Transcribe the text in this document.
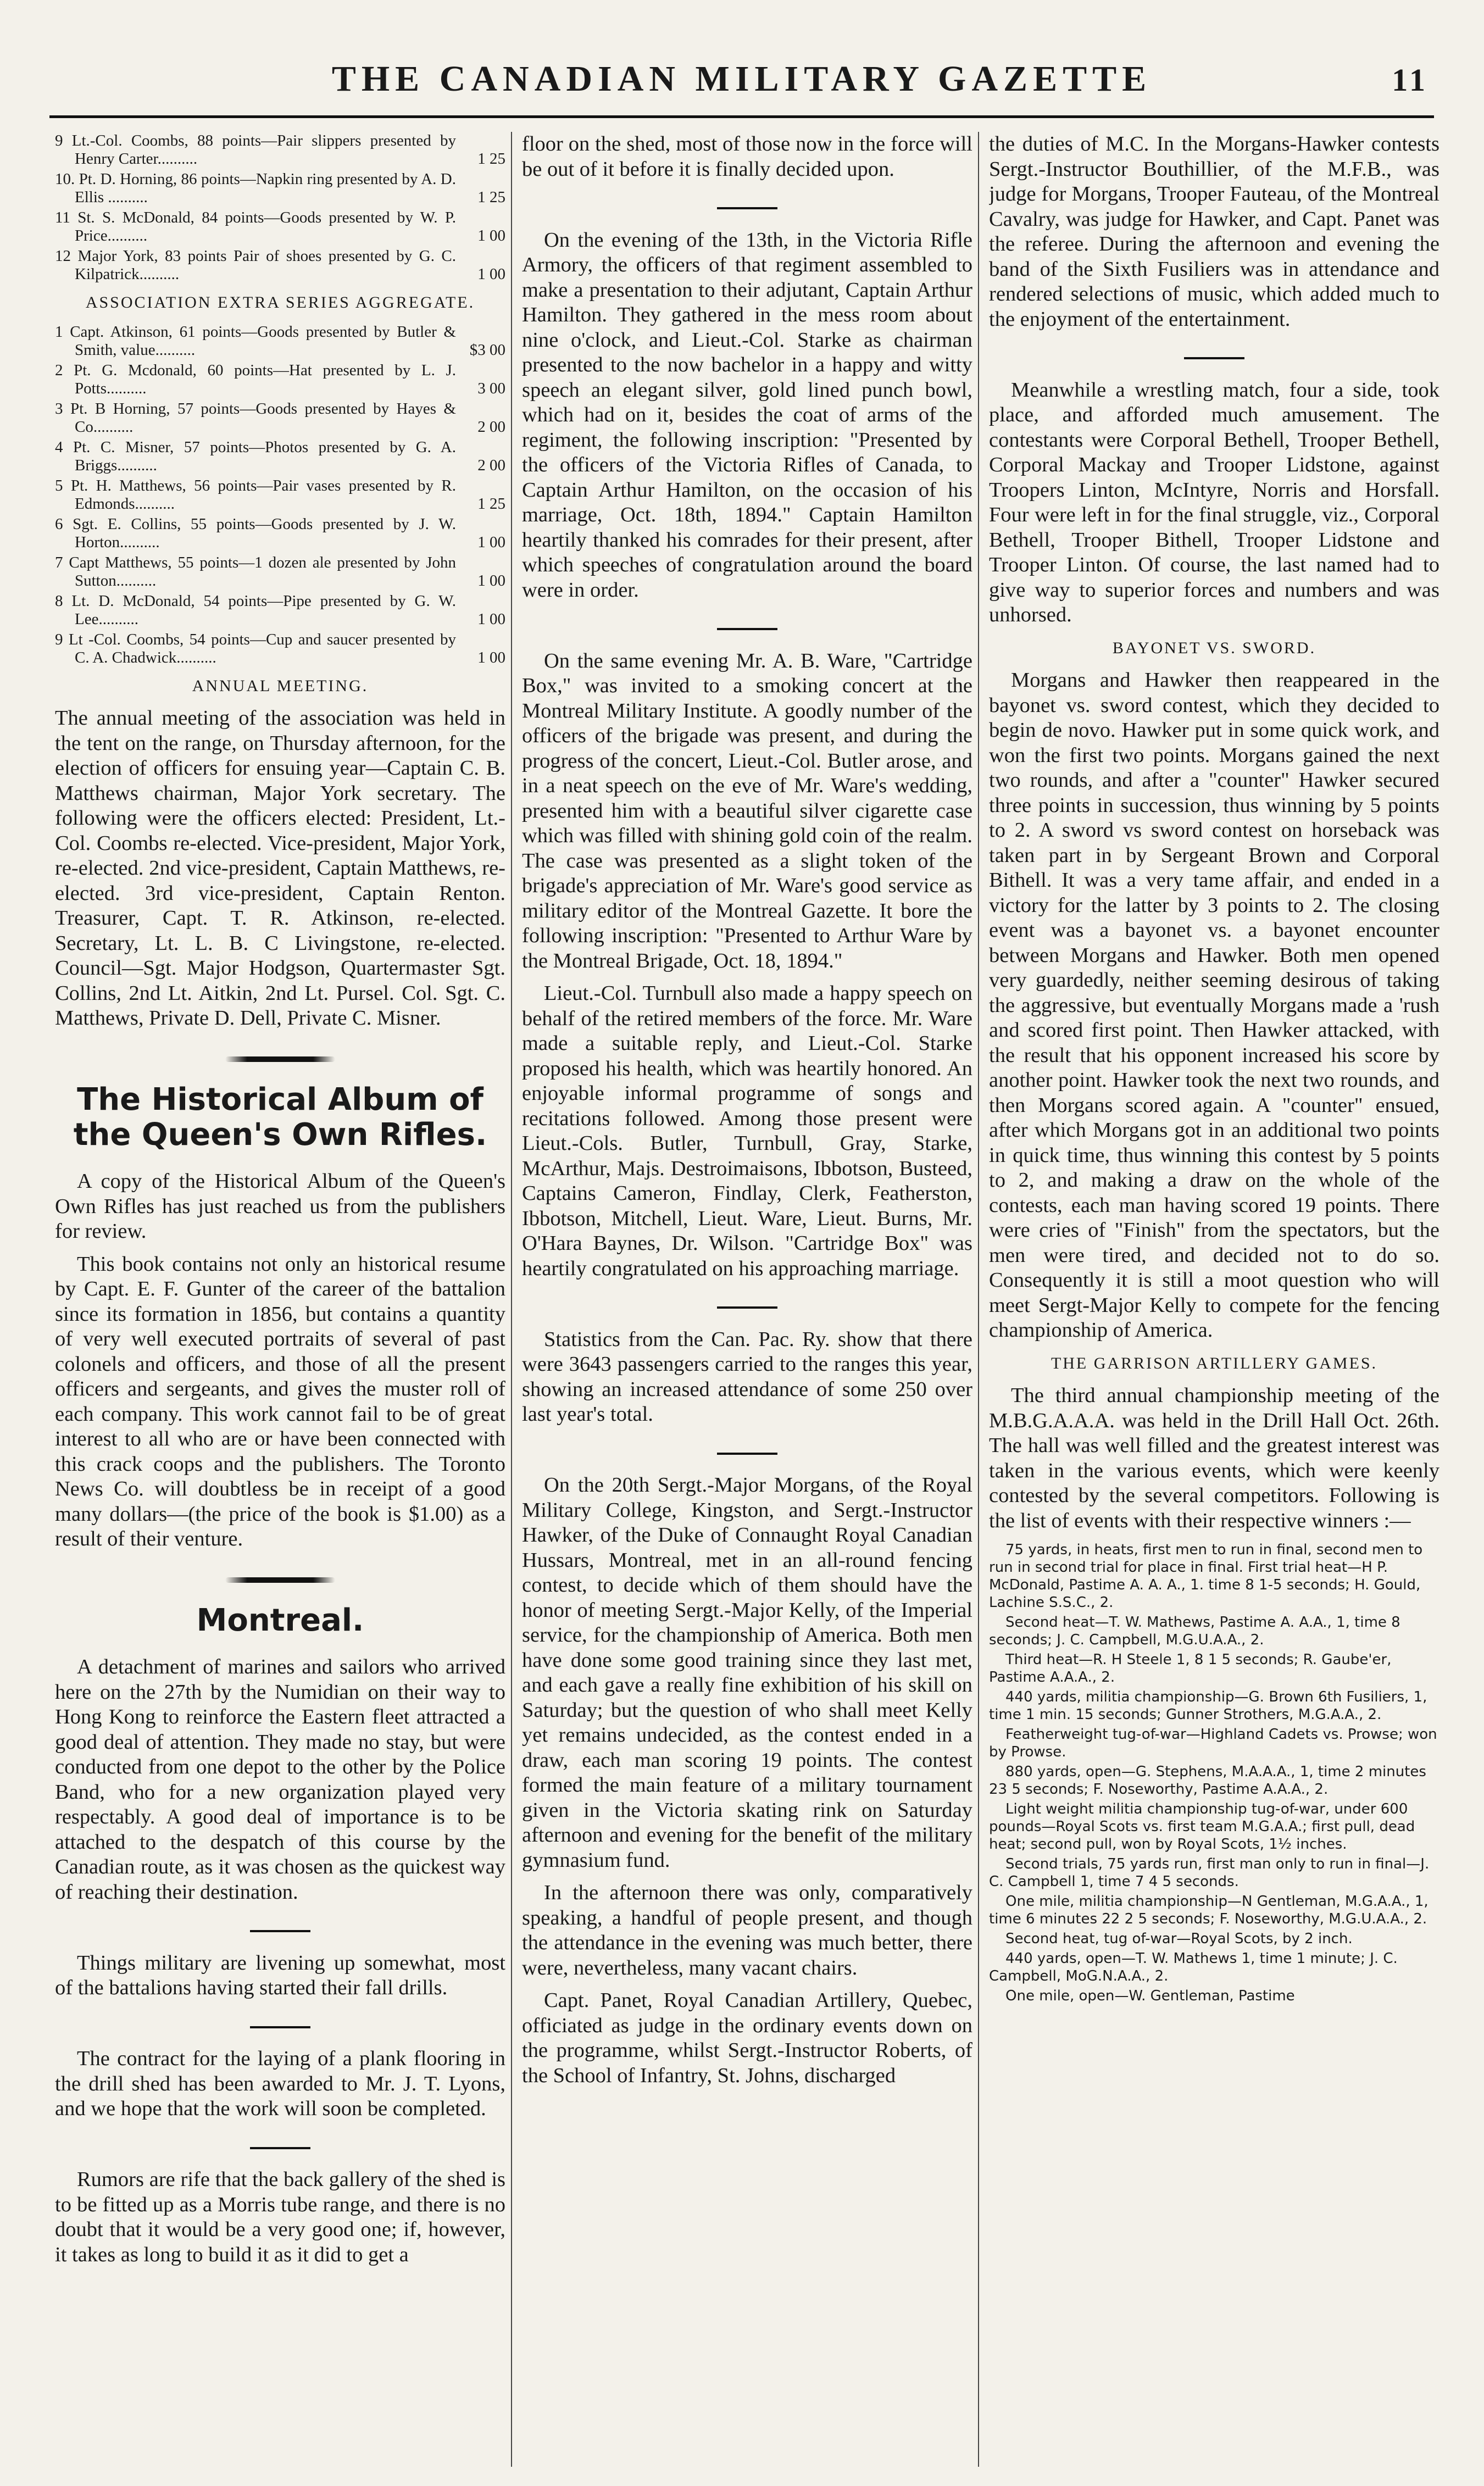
THE CANADIAN MILITARY GAZETTE	11
9 Lt.-Col. Coombs, 88 points—Pair slippers presented by Henry Carter..........	1 25
10. Pt. D. Horning, 86 points—Napkin ring presented by A. D. Ellis ..........	1 25
11 St. S. McDonald, 84 points—Goods presented by W. P. Price..........	1 00
12 Major York, 83 points Pair of shoes presented by G. C. Kilpatrick..........	1 00
ASSOCIATION EXTRA SERIES AGGREGATE.
1 Capt. Atkinson, 61 points—Goods presented by Butler & Smith, value..........	$3 00
2 Pt. G. Mcdonald, 60 points—Hat presented by L. J. Potts..........	3 00
3 Pt. B Horning, 57 points—Goods presented by Hayes & Co..........	2 00
4 Pt. C. Misner, 57 points—Photos presented by G. A. Briggs..........	2 00
5 Pt. H. Matthews, 56 points—Pair vases presented by R. Edmonds..........	1 25
6 Sgt. E. Collins, 55 points—Goods presented by J. W. Horton..........	1 00
7 Capt Matthews, 55 points—1 dozen ale presented by John Sutton..........	1 00
8 Lt. D. McDonald, 54 points—Pipe presented by G. W. Lee..........	1 00
9 Lt -Col. Coombs, 54 points—Cup and saucer presented by C. A. Chadwick..........	1 00
ANNUAL MEETING.

The annual meeting of the association was held in the tent on the range, on Thursday afternoon, for the election of officers for ensuing year—Captain C. B. Matthews chairman, Major York secretary. The following were the officers elected: President, Lt.-Col. Coombs re-elected. Vice-president, Major York, re-elected. 2nd vice-president, Captain Matthews, re-elected. 3rd vice-president, Captain Renton. Treasurer, Capt. T. R. Atkinson, re-elected. Secretary, Lt. L. B. C Livingstone, re-elected. Council—Sgt. Major Hodgson, Quartermaster Sgt. Collins, 2nd Lt. Aitkin, 2nd Lt. Pursel. Col. Sgt. C. Matthews, Private D. Dell, Private C. Misner.

The Historical Album of the Queen's Own Rifles.

A copy of the Historical Album of the Queen's Own Rifles has just reached us from the publishers for review.

This book contains not only an historical resume by Capt. E. F. Gunter of the career of the battalion since its formation in 1856, but contains a quantity of very well executed portraits of several of past colonels and officers, and those of all the present officers and sergeants, and gives the muster roll of each company. This work cannot fail to be of great interest to all who are or have been connected with this crack coops and the publishers. The Toronto News Co. will doubtless be in receipt of a good many dollars—(the price of the book is $1.00) as a result of their venture.

Montreal.

A detachment of marines and sailors who arrived here on the 27th by the Numidian on their way to Hong Kong to reinforce the Eastern fleet attracted a good deal of attention. They made no stay, but were conducted from one depot to the other by the Police Band, who for a new organization played very respectably. A good deal of importance is to be attached to the despatch of this course by the Canadian route, as it was chosen as the quickest way of reaching their destination.

Things military are livening up somewhat, most of the battalions having started their fall drills.

The contract for the laying of a plank flooring in the drill shed has been awarded to Mr. J. T. Lyons, and we hope that the work will soon be completed.

Rumors are rife that the back gallery of the shed is to be fitted up as a Morris tube range, and there is no doubt that it would be a very good one; if, however, it takes as long to build it as it did to get a

floor on the shed, most of those now in the force will be out of it before it is finally decided upon.

On the evening of the 13th, in the Victoria Rifle Armory, the officers of that regiment assembled to make a presentation to their adjutant, Captain Arthur Hamilton. They gathered in the mess room about nine o'clock, and Lieut.-Col. Starke as chairman presented to the now bachelor in a happy and witty speech an elegant silver, gold lined punch bowl, which had on it, besides the coat of arms of the regiment, the following inscription: "Presented by the officers of the Victoria Rifles of Canada, to Captain Arthur Hamilton, on the occasion of his marriage, Oct. 18th, 1894." Captain Hamilton heartily thanked his comrades for their present, after which speeches of congratulation around the board were in order.

On the same evening Mr. A. B. Ware, "Cartridge Box," was invited to a smoking concert at the Montreal Military Institute. A goodly number of the officers of the brigade was present, and during the progress of the concert, Lieut.-Col. Butler arose, and in a neat speech on the eve of Mr. Ware's wedding, presented him with a beautiful silver cigarette case which was filled with shining gold coin of the realm. The case was presented as a slight token of the brigade's appreciation of Mr. Ware's good service as military editor of the Montreal Gazette. It bore the following inscription: "Presented to Arthur Ware by the Montreal Brigade, Oct. 18, 1894."

Lieut.-Col. Turnbull also made a happy speech on behalf of the retired members of the force. Mr. Ware made a suitable reply, and Lieut.-Col. Starke proposed his health, which was heartily honored. An enjoyable informal programme of songs and recitations followed. Among those present were Lieut.-Cols. Butler, Turnbull, Gray, Starke, McArthur, Majs. Destroimaisons, Ibbotson, Busteed, Captains Cameron, Findlay, Clerk, Featherston, Ibbotson, Mitchell, Lieut. Ware, Lieut. Burns, Mr. O'Hara Baynes, Dr. Wilson. "Cartridge Box" was heartily congratulated on his approaching marriage.

Statistics from the Can. Pac. Ry. show that there were 3643 passengers carried to the ranges this year, showing an increased attendance of some 250 over last year's total.

On the 20th Sergt.-Major Morgans, of the Royal Military College, Kingston, and Sergt.-Instructor Hawker, of the Duke of Connaught Royal Canadian Hussars, Montreal, met in an all-round fencing contest, to decide which of them should have the honor of meeting Sergt.-Major Kelly, of the Imperial service, for the championship of America. Both men have done some good training since they last met, and each gave a really fine exhibition of his skill on Saturday; but the question of who shall meet Kelly yet remains undecided, as the contest ended in a draw, each man scoring 19 points. The contest formed the main feature of a military tournament given in the Victoria skating rink on Saturday afternoon and evening for the benefit of the military gymnasium fund.

In the afternoon there was only, comparatively speaking, a handful of people present, and though the attendance in the evening was much better, there were, nevertheless, many vacant chairs.

Capt. Panet, Royal Canadian Artillery, Quebec, officiated as judge in the ordinary events down on the programme, whilst Sergt.-Instructor Roberts, of the School of Infantry, St. Johns, discharged

the duties of M.C. In the Morgans-Hawker contests Sergt.-Instructor Bouthillier, of the M.F.B., was judge for Morgans, Trooper Fauteau, of the Montreal Cavalry, was judge for Hawker, and Capt. Panet was the referee. During the afternoon and evening the band of the Sixth Fusiliers was in attendance and rendered selections of music, which added much to the enjoyment of the entertainment.

Meanwhile a wrestling match, four a side, took place, and afforded much amusement. The contestants were Corporal Bethell, Trooper Bethell, Corporal Mackay and Trooper Lidstone, against Troopers Linton, McIntyre, Norris and Horsfall. Four were left in for the final struggle, viz., Corporal Bethell, Trooper Bithell, Trooper Lidstone and Trooper Linton. Of course, the last named had to give way to superior forces and numbers and was unhorsed.

BAYONET VS. SWORD.

Morgans and Hawker then reappeared in the bayonet vs. sword contest, which they decided to begin de novo. Hawker put in some quick work, and won the first two points. Morgans gained the next two rounds, and after a "counter" Hawker secured three points in succession, thus winning by 5 points to 2. A sword vs sword contest on horseback was taken part in by Sergeant Brown and Corporal Bithell. It was a very tame affair, and ended in a victory for the latter by 3 points to 2. The closing event was a bayonet vs. a bayonet encounter between Morgans and Hawker. Both men opened very guardedly, neither seeming desirous of taking the aggressive, but eventually Morgans made a 'rush and scored first point. Then Hawker attacked, with the result that his opponent increased his score by another point. Hawker took the next two rounds, and then Morgans scored again. A "counter" ensued, after which Morgans got in an additional two points in quick time, thus winning this contest by 5 points to 2, and making a draw on the whole of the contests, each man having scored 19 points. There were cries of "Finish" from the spectators, but the men were tired, and decided not to do so. Consequently it is still a moot question who will meet Sergt-Major Kelly to compete for the fencing championship of America.

THE GARRISON ARTILLERY GAMES.

The third annual championship meeting of the M.B.G.A.A.A. was held in the Drill Hall Oct. 26th. The hall was well filled and the greatest interest was taken in the various events, which were keenly contested by the several competitors. Following is the list of events with their respective winners :—

75 yards, in heats, first men to run in final, second men to run in second trial for place in final. First trial heat—H P. McDonald, Pastime A. A. A., 1. time 8 1-5 seconds; H. Gould, Lachine S.S.C., 2.

Second heat—T. W. Mathews, Pastime A. A.A., 1, time 8 seconds; J. C. Campbell, M.G.U.A.A., 2.

Third heat—R. H Steele 1, 8 1 5 seconds; R. Gaube'er, Pastime A.A.A., 2.

440 yards, militia championship—G. Brown 6th Fusiliers, 1, time 1 min. 15 seconds; Gunner Strothers, M.G.A.A., 2.

Featherweight tug-of-war—Highland Cadets vs. Prowse; won by Prowse.

880 yards, open—G. Stephens, M.A.A.A., 1, time 2 minutes 23 5 seconds; F. Noseworthy, Pastime A.A.A., 2.

Light weight militia championship tug-of-war, under 600 pounds—Royal Scots vs. first team M.G.A.A.; first pull, dead heat; second pull, won by Royal Scots, 1½ inches.

Second trials, 75 yards run, first man only to run in final—J. C. Campbell 1, time 7 4 5 seconds.

One mile, militia championship—N Gentleman, M.G.A.A., 1, time 6 minutes 22 2 5 seconds; F. Noseworthy, M.G.U.A.A., 2.

Second heat, tug of-war—Royal Scots, by 2 inch.

440 yards, open—T. W. Mathews 1, time 1 minute; J. C. Campbell, MoG.N.A.A., 2.

One mile, open—W. Gentleman, Pastime
